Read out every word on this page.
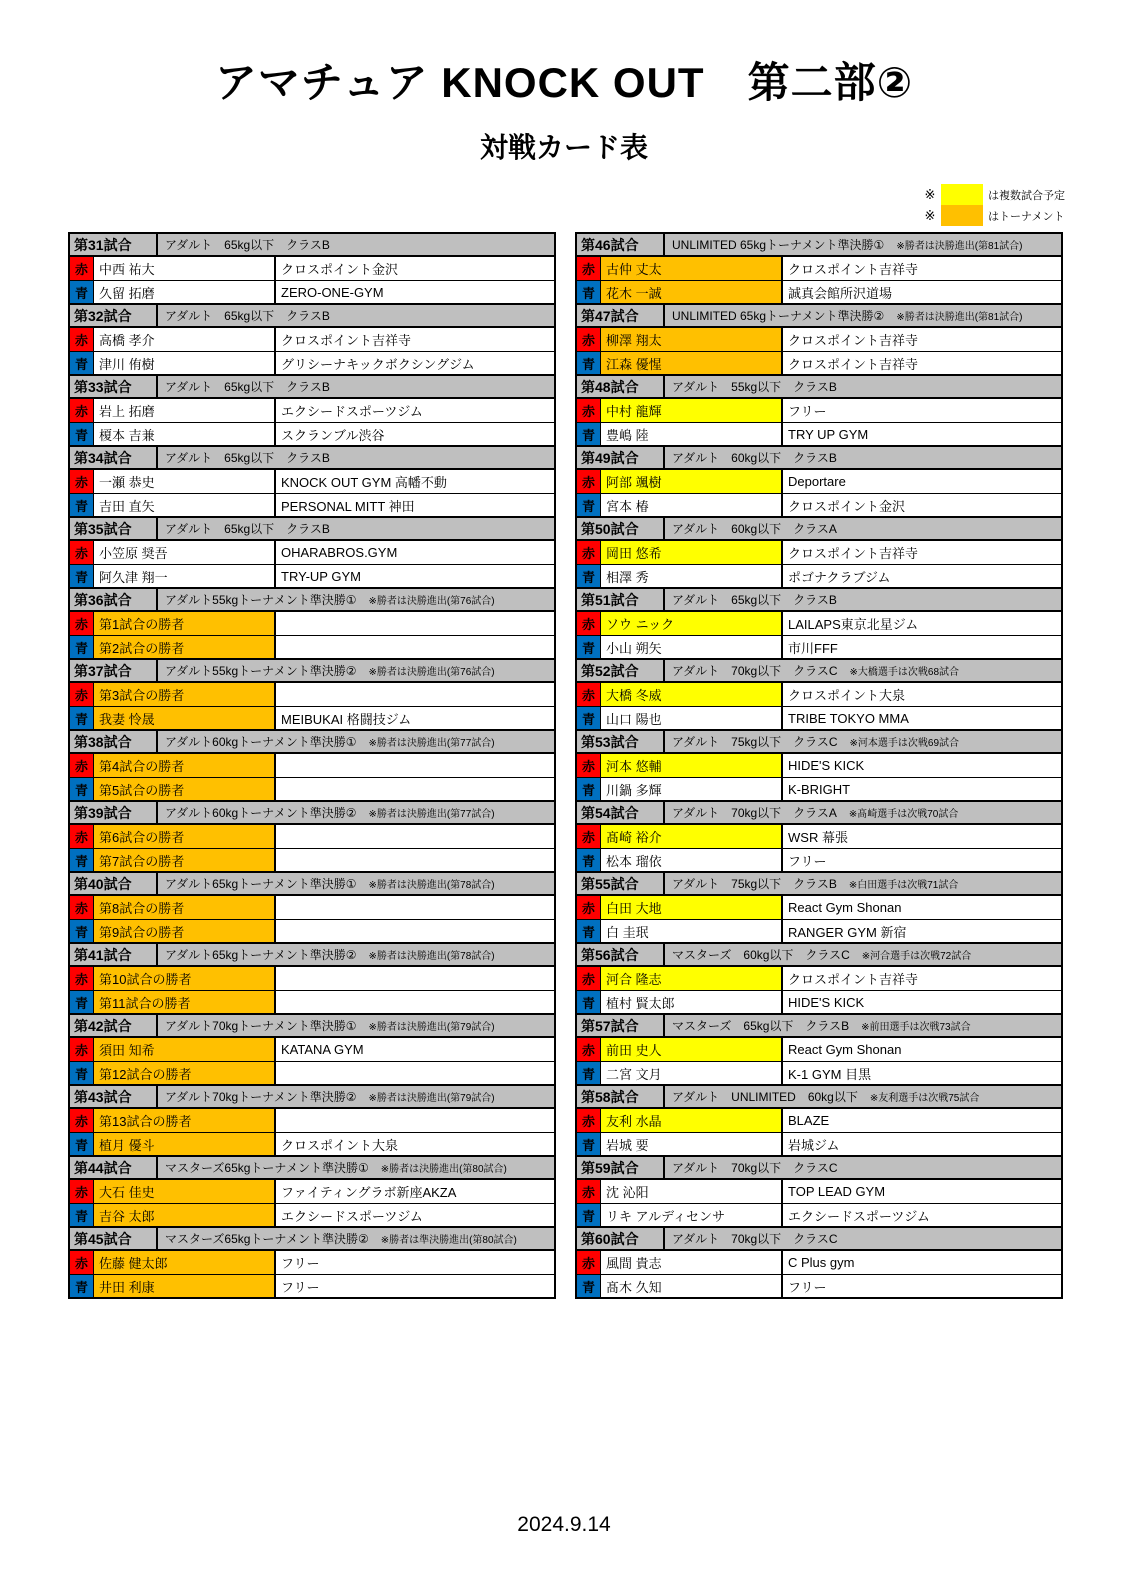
アマチュア KNOCK OUT　第二部②
対戦カード表
※	は複数試合予定
※	はトーナメント
第31試合	アダルト　65kg以下　クラスB
赤 中西 祐大	クロスポイント金沢
青 久留 拓磨	ZERO-ONE-GYM
第32試合	アダルト　65kg以下　クラスB
赤 高橋 孝介	クロスポイント吉祥寺
青 津川 侑樹	グリシーナキックボクシングジム
第33試合	アダルト　65kg以下　クラスB
赤 岩上 拓磨	エクシードスポーツジム
青 榎本 吉兼	スクランブル渋谷
第34試合	アダルト　65kg以下　クラスB
赤 一瀬 恭史	KNOCK OUT GYM 高幡不動
青 吉田 直矢	PERSONAL MITT 神田
第35試合	アダルト　65kg以下　クラスB
赤 小笠原 奨吾	OHARABROS.GYM
青 阿久津 翔一	TRY-UP GYM
第36試合	アダルト55kgトーナメント準決勝① ※勝者は決勝進出(第76試合)
赤 第1試合の勝者
青 第2試合の勝者
第37試合	アダルト55kgトーナメント準決勝② ※勝者は決勝進出(第76試合)
赤 第3試合の勝者
青 我妻 怜晟	MEIBUKAI 格闘技ジム
第38試合	アダルト60kgトーナメント準決勝① ※勝者は決勝進出(第77試合)
赤 第4試合の勝者
青 第5試合の勝者
第39試合	アダルト60kgトーナメント準決勝② ※勝者は決勝進出(第77試合)
赤 第6試合の勝者
青 第7試合の勝者
第40試合	アダルト65kgトーナメント準決勝① ※勝者は決勝進出(第78試合)
赤 第8試合の勝者
青 第9試合の勝者
第41試合	アダルト65kgトーナメント準決勝② ※勝者は決勝進出(第78試合)
赤 第10試合の勝者
青 第11試合の勝者
第42試合	アダルト70kgトーナメント準決勝① ※勝者は決勝進出(第79試合)
赤 須田 知希	KATANA GYM
青 第12試合の勝者
第43試合	アダルト70kgトーナメント準決勝② ※勝者は決勝進出(第79試合)
赤 第13試合の勝者
青 植月 優斗	クロスポイント大泉
第44試合	マスターズ65kgトーナメント準決勝① ※勝者は決勝進出(第80試合)
赤 大石 佳史	ファイティングラボ新座AKZA
青 吉谷 太郎	エクシードスポーツジム
第45試合	マスターズ65kgトーナメント準決勝② ※勝者は準決勝進出(第80試合)
赤 佐藤 健太郎	フリー
青 井田 利康	フリー
第46試合	UNLIMITED 65kgトーナメント準決勝① ※勝者は決勝進出(第81試合)
赤 古仲 丈太	クロスポイント吉祥寺
青 花木 一誠	誠真会館所沢道場
第47試合	UNLIMITED 65kgトーナメント準決勝② ※勝者は決勝進出(第81試合)
赤 柳澤 翔太	クロスポイント吉祥寺
青 江森 優惺	クロスポイント吉祥寺
第48試合	アダルト　55kg以下　クラスB
赤 中村 龍輝	フリー
青 豊嶋 陸	TRY UP GYM
第49試合	アダルト　60kg以下　クラスB
赤 阿部 颯樹	Deportare
青 宮本 椿	クロスポイント金沢
第50試合	アダルト　60kg以下　クラスA
赤 岡田 悠希	クロスポイント吉祥寺
青 相澤 秀	ポゴナクラブジム
第51試合	アダルト　65kg以下　クラスB
赤 ソウ ニック	LAILAPS東京北星ジム
青 小山 朔矢	市川FFF
第52試合	アダルト　70kg以下　クラスC ※大橋選手は次戦68試合
赤 大橋 冬威	クロスポイント大泉
青 山口 陽也	TRIBE TOKYO MMA
第53試合	アダルト　75kg以下　クラスC ※河本選手は次戦69試合
赤 河本 悠輔	HIDE'S KICK
青 川鍋 多輝	K-BRIGHT
第54試合	アダルト　70kg以下　クラスA ※髙崎選手は次戦70試合
赤 髙崎 裕介	WSR 幕張
青 松本 瑠依	フリー
第55試合	アダルト　75kg以下　クラスB ※白田選手は次戦71試合
赤 白田 大地	React Gym Shonan
青 白 圭珉	RANGER GYM 新宿
第56試合	マスターズ　60kg以下　クラスC ※河合選手は次戦72試合
赤 河合 隆志	クロスポイント吉祥寺
青 植村 賢太郎	HIDE'S KICK
第57試合	マスターズ　65kg以下　クラスB ※前田選手は次戦73試合
赤 前田 史人	React Gym Shonan
青 二宮 文月	K-1 GYM 目黒
第58試合	アダルト　UNLIMITED　60kg以下 ※友利選手は次戦75試合
赤 友利 水晶	BLAZE
青 岩城 要	岩城ジム
第59試合	アダルト　70kg以下　クラスC
赤 沈 沁阳	TOP LEAD GYM
青 リキ アルディセンサ	エクシードスポーツジム
第60試合	アダルト　70kg以下　クラスC
赤 風間 貴志	C Plus gym
青 髙木 久知	フリー
2024.9.14
